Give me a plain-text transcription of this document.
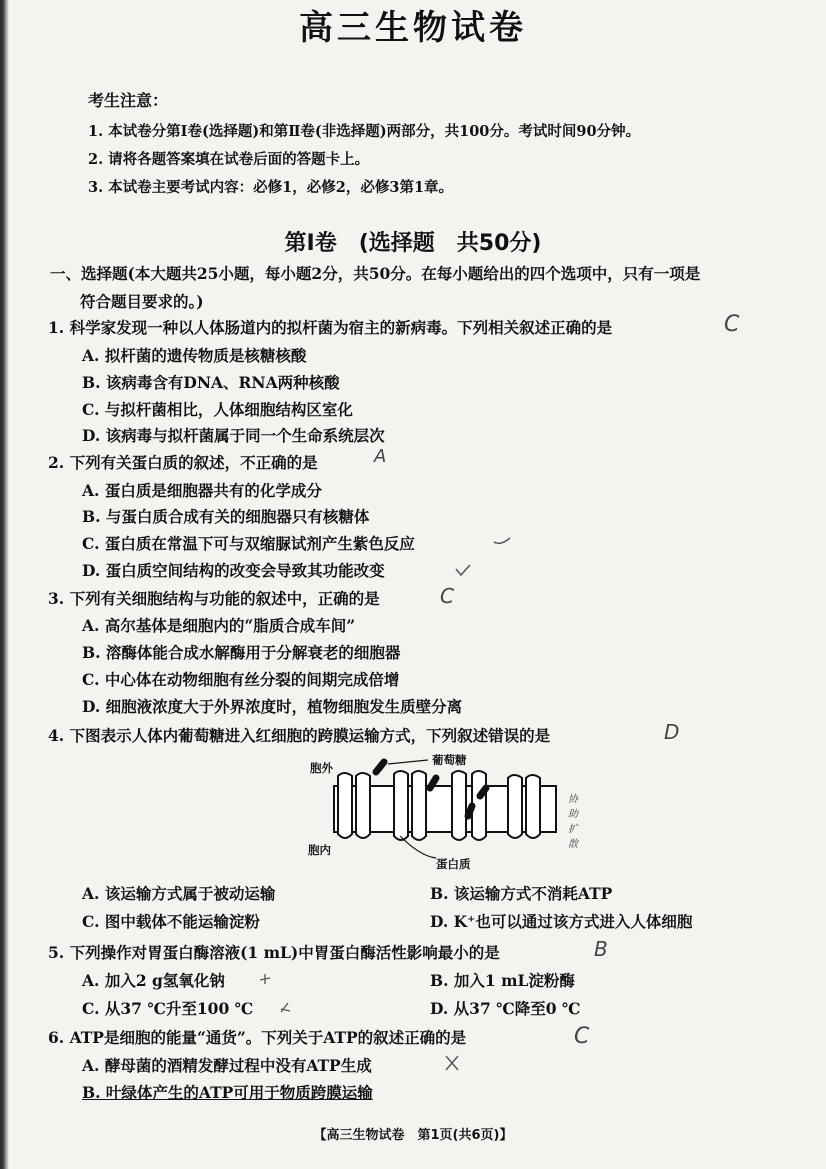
高三生物试卷
考生注意：
1. 本试卷分第Ⅰ卷(选择题)和第Ⅱ卷(非选择题)两部分，共100分。考试时间90分钟。
2. 请将各题答案填在试卷后面的答题卡上。
3. 本试卷主要考试内容：必修1，必修2，必修3第1章。
第Ⅰ卷　(选择题　共50分)
一、选择题(本大题共25小题，每小题2分，共50分。在每小题给出的四个选项中，只有一项是
符合题目要求的。)
1. 科学家发现一种以人体肠道内的拟杆菌为宿主的新病毒。下列相关叙述正确的是	C
A. 拟杆菌的遗传物质是核糖核酸
B. 该病毒含有DNA、RNA两种核酸
C. 与拟杆菌相比，人体细胞结构区室化
D. 该病毒与拟杆菌属于同一个生命系统层次
2. 下列有关蛋白质的叙述，不正确的是	A
A. 蛋白质是细胞器共有的化学成分
B. 与蛋白质合成有关的细胞器只有核糖体
C. 蛋白质在常温下可与双缩脲试剂产生紫色反应
D. 蛋白质空间结构的改变会导致其功能改变
3. 下列有关细胞结构与功能的叙述中，正确的是	C
A. 高尔基体是细胞内的“脂质合成车间”
B. 溶酶体能合成水解酶用于分解衰老的细胞器
C. 中心体在动物细胞有丝分裂的间期完成倍增
D. 细胞液浓度大于外界浓度时，植物细胞发生质壁分离
4. 下图表示人体内葡萄糖进入红细胞的跨膜运输方式，下列叙述错误的是	D
胞外
胞内
葡萄糖
蛋白质
协助扩散
A. 该运输方式属于被动运输	B. 该运输方式不消耗ATP
C. 图中载体不能运输淀粉	D. K⁺也可以通过该方式进入人体细胞
5. 下列操作对胃蛋白酶溶液(1 mL)中胃蛋白酶活性影响最小的是	B
A. 加入2 g氢氧化钠	B. 加入1 mL淀粉酶
C. 从37 ℃升至100 ℃	D. 从37 ℃降至0 ℃
6. ATP是细胞的能量“通货”。下列关于ATP的叙述正确的是	C
A. 酵母菌的酒精发酵过程中没有ATP生成
B. 叶绿体产生的ATP可用于物质跨膜运输
【高三生物试卷　第1页(共6页)】
